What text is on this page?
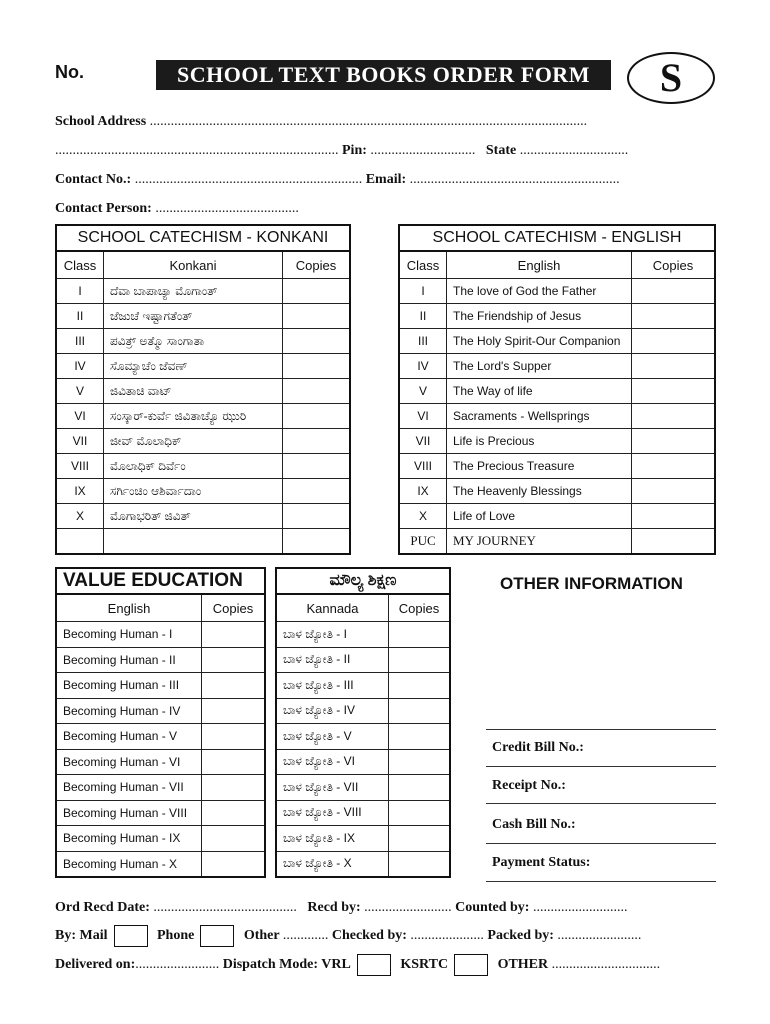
No.	SCHOOL TEXT BOOKS ORDER FORM	S
School Address .............................................................................................................................
................................................................................. Pin: .............................. State ...............................
Contact No.: ................................................................. Email: ............................................................
Contact Person: .........................................
SCHOOL CATECHISM - KONKANI		
Class	Konkani	Copies
I	ದೆವಾ ಬಾಪಾಚ್ಯಾ ಮೊಗಾಂತ್	
II	ಜೆಜುಚೆ ಇಷ್ಟಾಗತೆಂತ್	
III	ಪವಿತ್ರ್ ಅತ್ಮೊ ಸಾಂಗಾತಾ	
IV	ಸೊಮ್ಯಾಚೆಂ ಜೆವಣ್	
V	ಜಿವಿತಾಚಿ ವಾಟ್	
VI	ಸಂಸ್ಕಾರ್-ಕುರ್ವೆ ಜಿವಿತಾಚ್ಯೊ ಝುರಿ	
VII	ಜೀವ್ ಮೊಲಾಧಿಕ್	
VIII	ಮೊಲಾಧಿಕ್ ದಿರ್ವೆಂ	
IX	ಸರ್ಗಿಂಚಿಂ ಆಶಿರ್ವಾದಾಂ	
X	ಮೊಗಾಭರಿತ್ ಜಿವಿತ್	

SCHOOL CATECHISM - ENGLISH		
Class	English	Copies
I	The love of God the Father	
II	The Friendship of Jesus	
III	The Holy Spirit-Our Companion	
IV	The Lord's Supper	
V	The Way of life	
VI	Sacraments - Wellsprings	
VII	Life is Precious	
VIII	The Precious Treasure	
IX	The Heavenly Blessings	
X	Life of Love	
PUC	MY JOURNEY	
VALUE EDUCATION	
English	Copies
Becoming Human - I	
Becoming Human - II	
Becoming Human - III	
Becoming Human - IV	
Becoming Human - V	
Becoming Human - VI	
Becoming Human - VII	
Becoming Human - VIII	
Becoming Human - IX	
Becoming Human - X	
ಮೌಲ್ಯ ಶಿಕ್ಷಣ	
Kannada	Copies
ಬಾಳ ಜ್ಯೋತಿ - I	
ಬಾಳ ಜ್ಯೋತಿ - II	
ಬಾಳ ಜ್ಯೋತಿ - III	
ಬಾಳ ಜ್ಯೋತಿ - IV	
ಬಾಳ ಜ್ಯೋತಿ - V	
ಬಾಳ ಜ್ಯೋತಿ - VI	
ಬಾಳ ಜ್ಯೋತಿ - VII	
ಬಾಳ ಜ್ಯೋತಿ - VIII	
ಬಾಳ ಜ್ಯೋತಿ - IX	
ಬಾಳ ಜ್ಯೋತಿ - X	
OTHER INFORMATION
Credit Bill No.:
Receipt No.:
Cash Bill No.:
Payment Status:
Ord Recd Date: ......................................... Recd by: ......................... Counted by: ...........................
By: Mail	Phone	Other ............. Checked by: ..................... Packed by: ........................
Delivered on:........................ Dispatch Mode: VRL	KSRTC	OTHER ...............................
